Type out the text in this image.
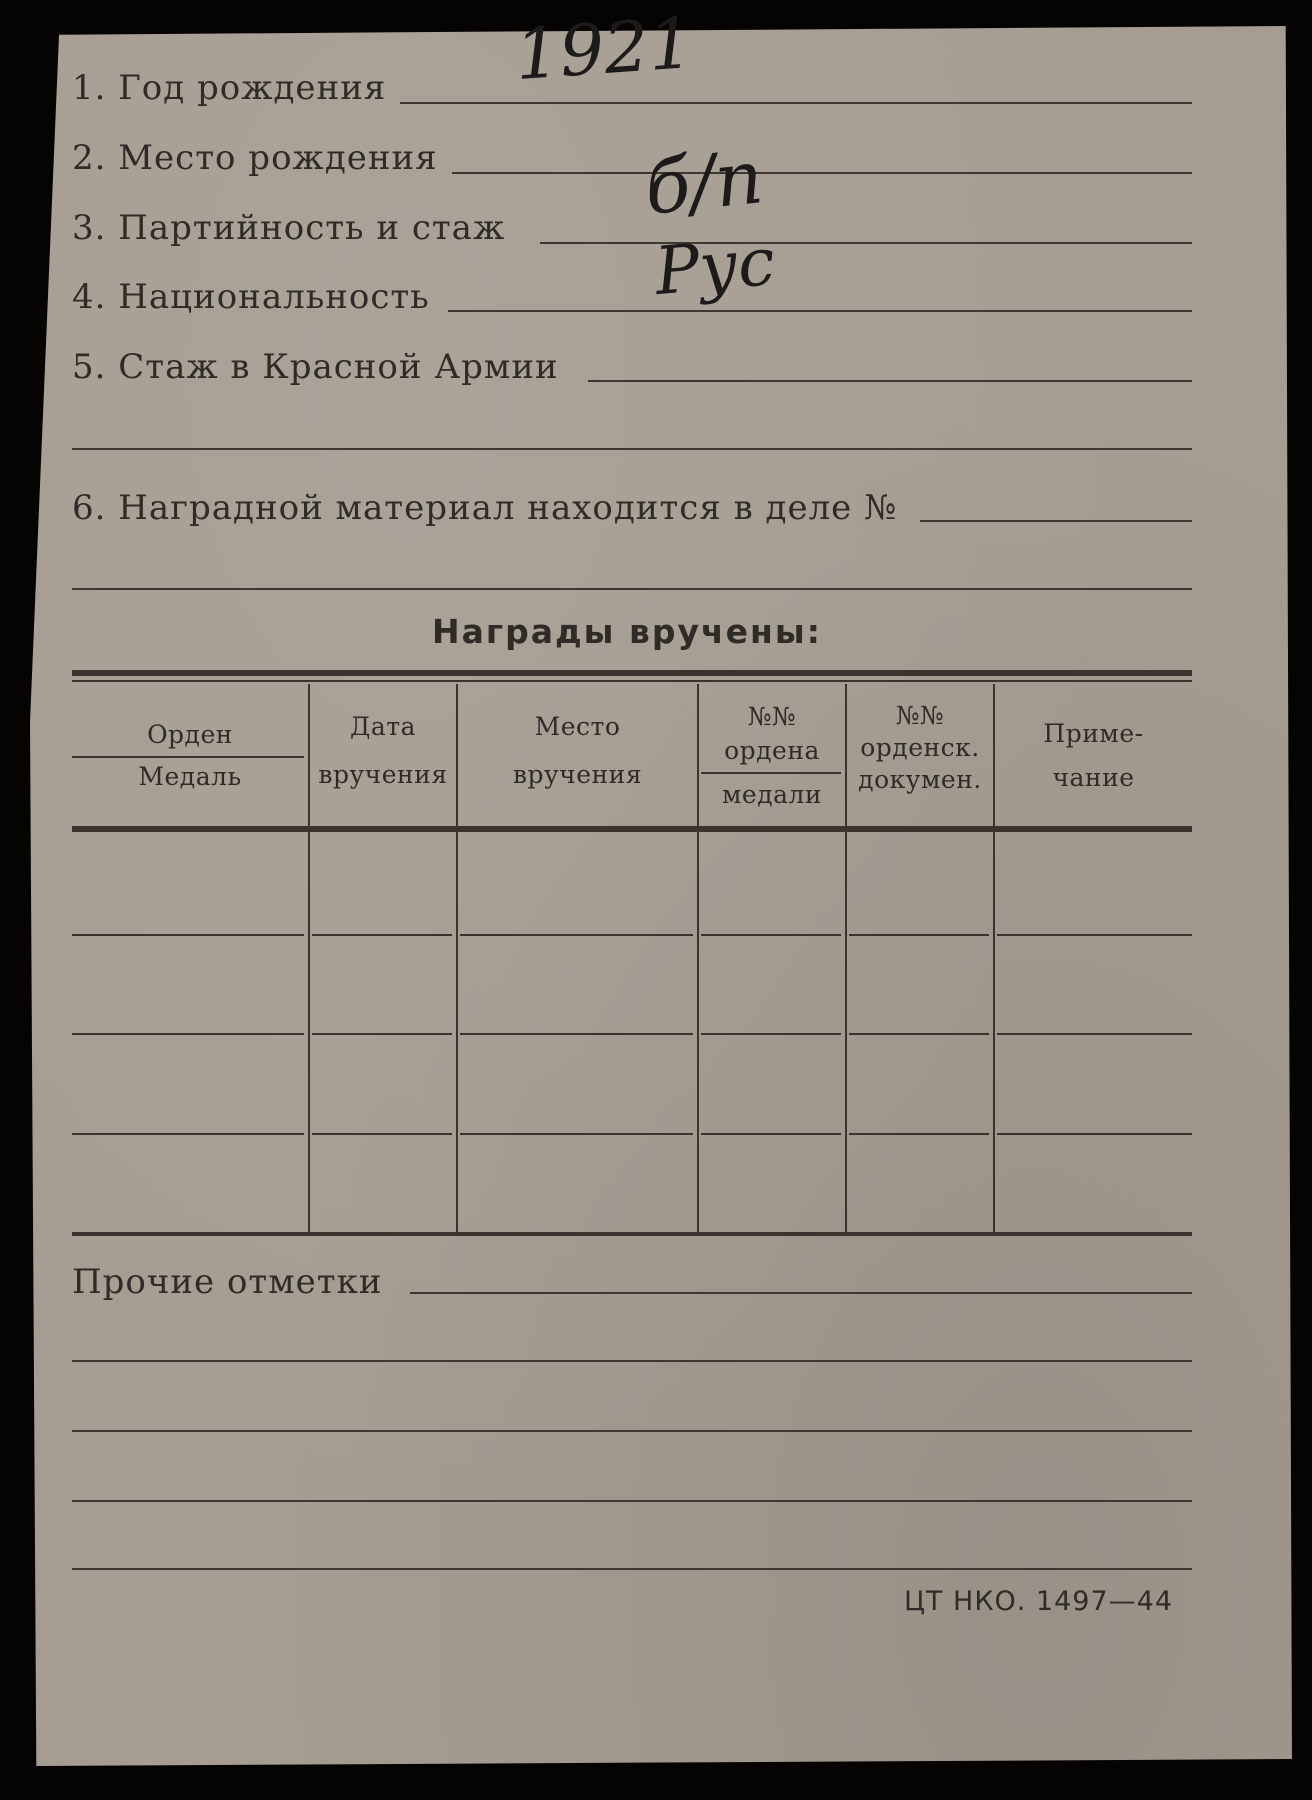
1. Год рождения 1921
2. Место рождения
3. Партийность и стаж б/п
4. Национальность	Рус
5. Стаж в Красной Армии
6. Наградной материал находится в деле №
Награды вручены:
Орден
Медаль
Дата
вручения
Место
вручения
№№
ордена
медали
№№
орденск.
докумен.
Приме-
чание
Прочие отметки
ЦТ НКО. 1497—44
